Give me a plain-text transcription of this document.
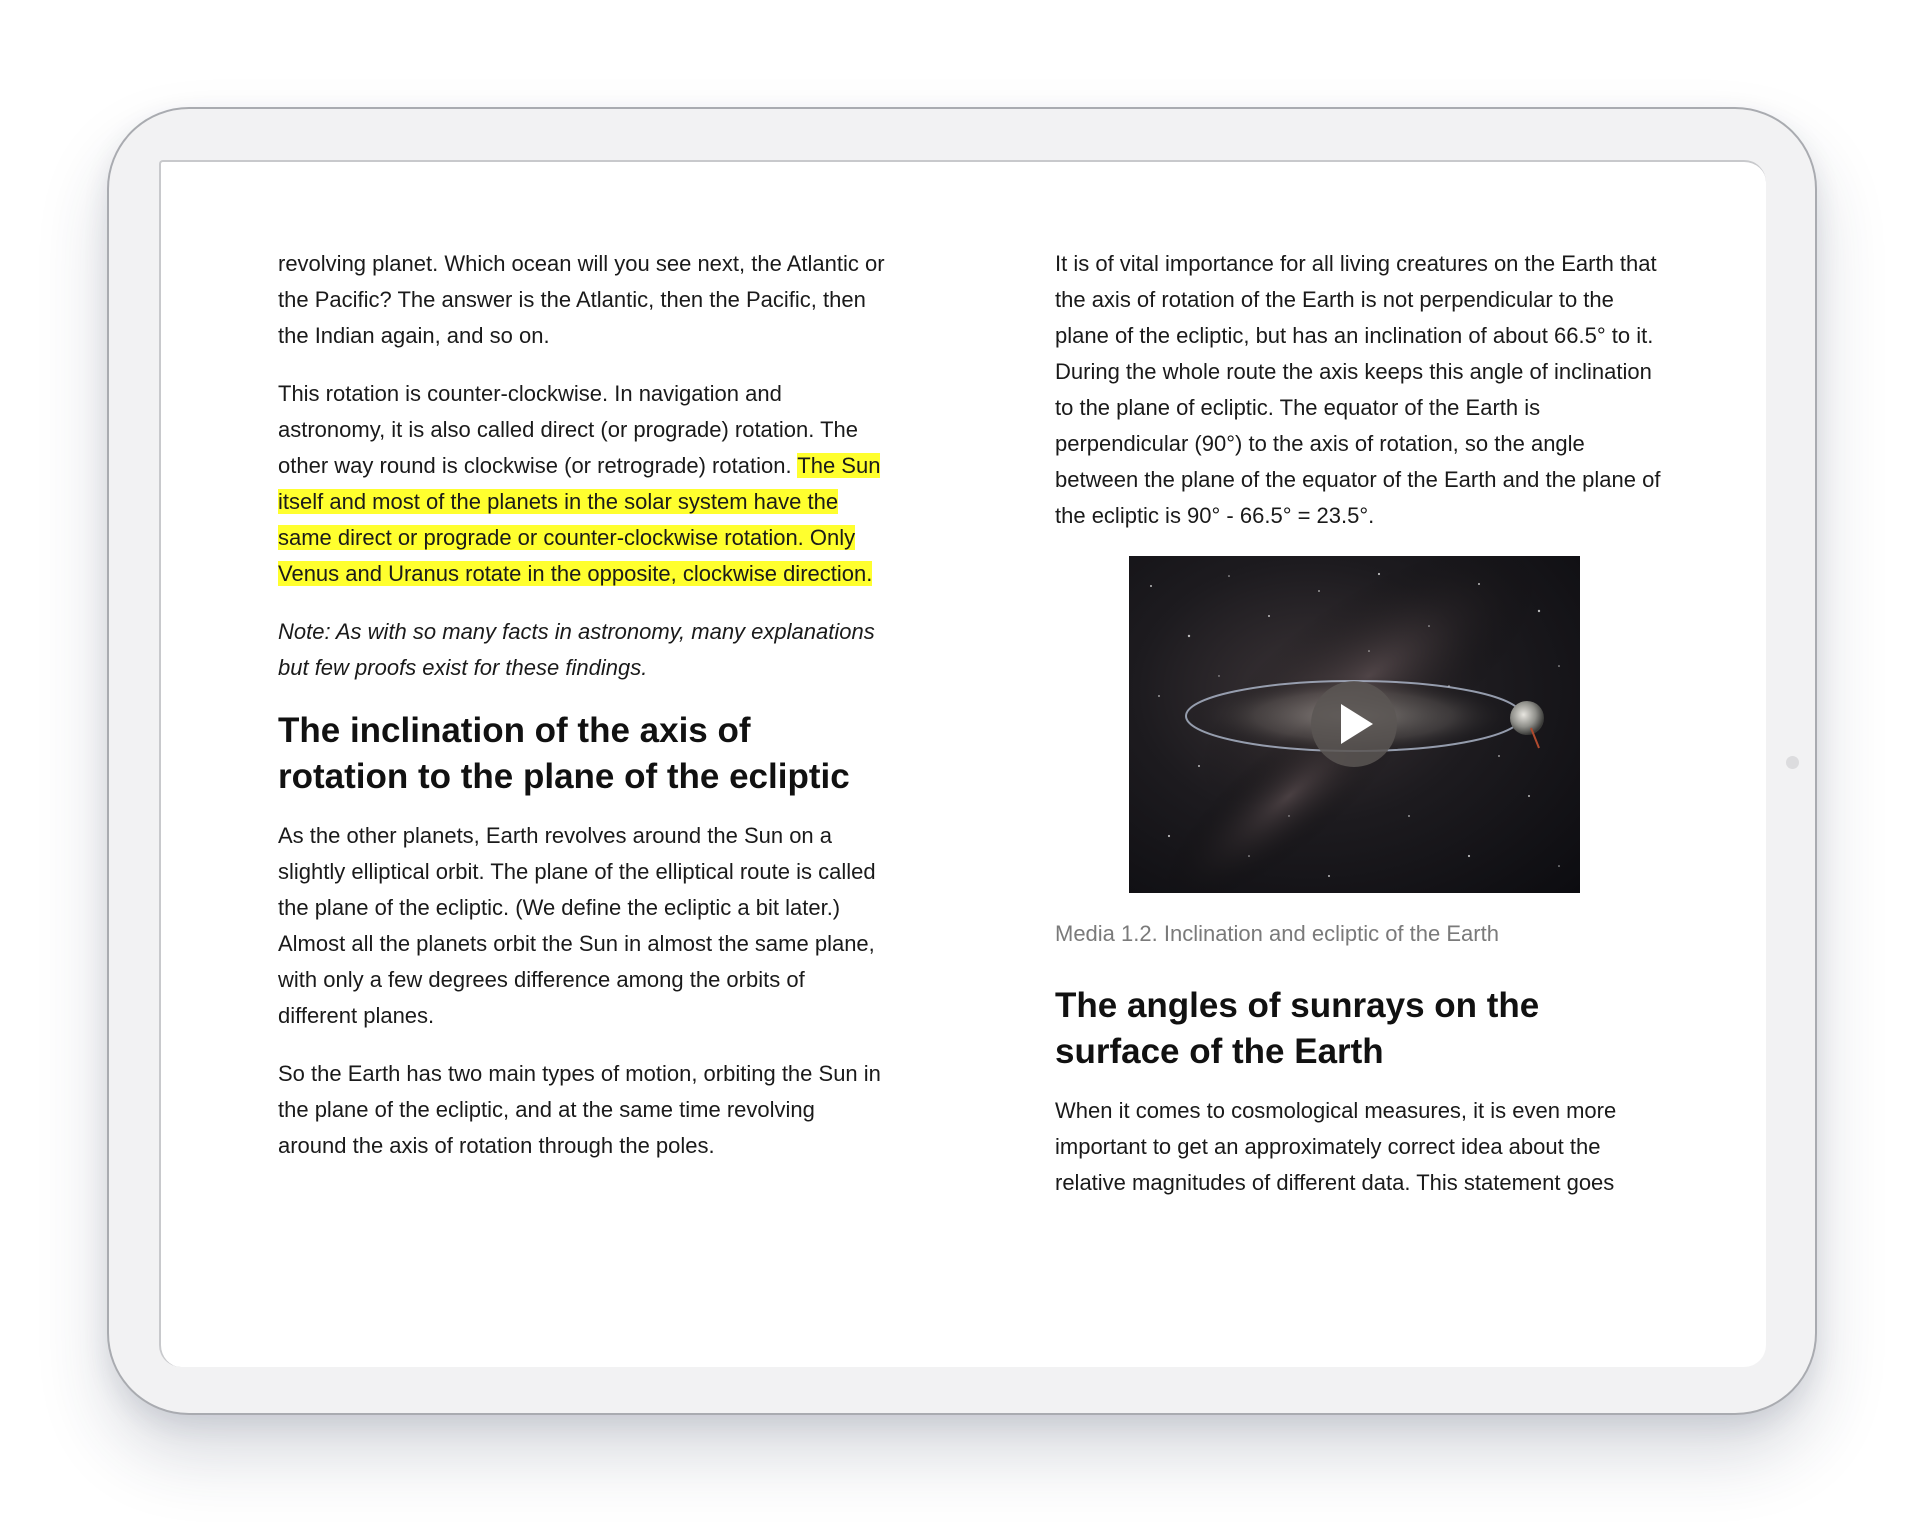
revolving planet. Which ocean will you see next, the Atlantic or the Pacific? The answer is the Atlantic, then the Pacific, then the Indian again, and so on.

This rotation is counter-clockwise. In navigation and astronomy, it is also called direct (or prograde) rotation. The other way round is clockwise (or retrograde) rotation. The Sun itself and most of the planets in the solar system have the same direct or prograde or counter-clockwise rotation. Only Venus and Uranus rotate in the opposite, clockwise direction.

Note: As with so many facts in astronomy, many explanations but few proofs exist for these findings.

The inclination of the axis of rotation to the plane of the ecliptic

As the other planets, Earth revolves around the Sun on a slightly elliptical orbit. The plane of the elliptical route is called the plane of the ecliptic. (We define the ecliptic a bit later.) Almost all the planets orbit the Sun in almost the same plane, with only a few degrees difference among the orbits of different planes.

So the Earth has two main types of motion, orbiting the Sun in the plane of the ecliptic, and at the same time revolving around the axis of rotation through the poles.

It is of vital importance for all living creatures on the Earth that the axis of rotation of the Earth is not perpendicular to the plane of the ecliptic, but has an inclination of about 66.5° to it. During the whole route the axis keeps this angle of inclination to the plane of ecliptic. The equator of the Earth is perpendicular (90°) to the axis of rotation, so the angle between the plane of the equator of the Earth and the plane of the ecliptic is 90° - 66.5° = 23.5°.

Media 1.2. Inclination and ecliptic of the Earth
The angles of sunrays on the surface of the Earth

When it comes to cosmological measures, it is even more important to get an approximately correct idea about the relative magnitudes of different data. This statement goes
